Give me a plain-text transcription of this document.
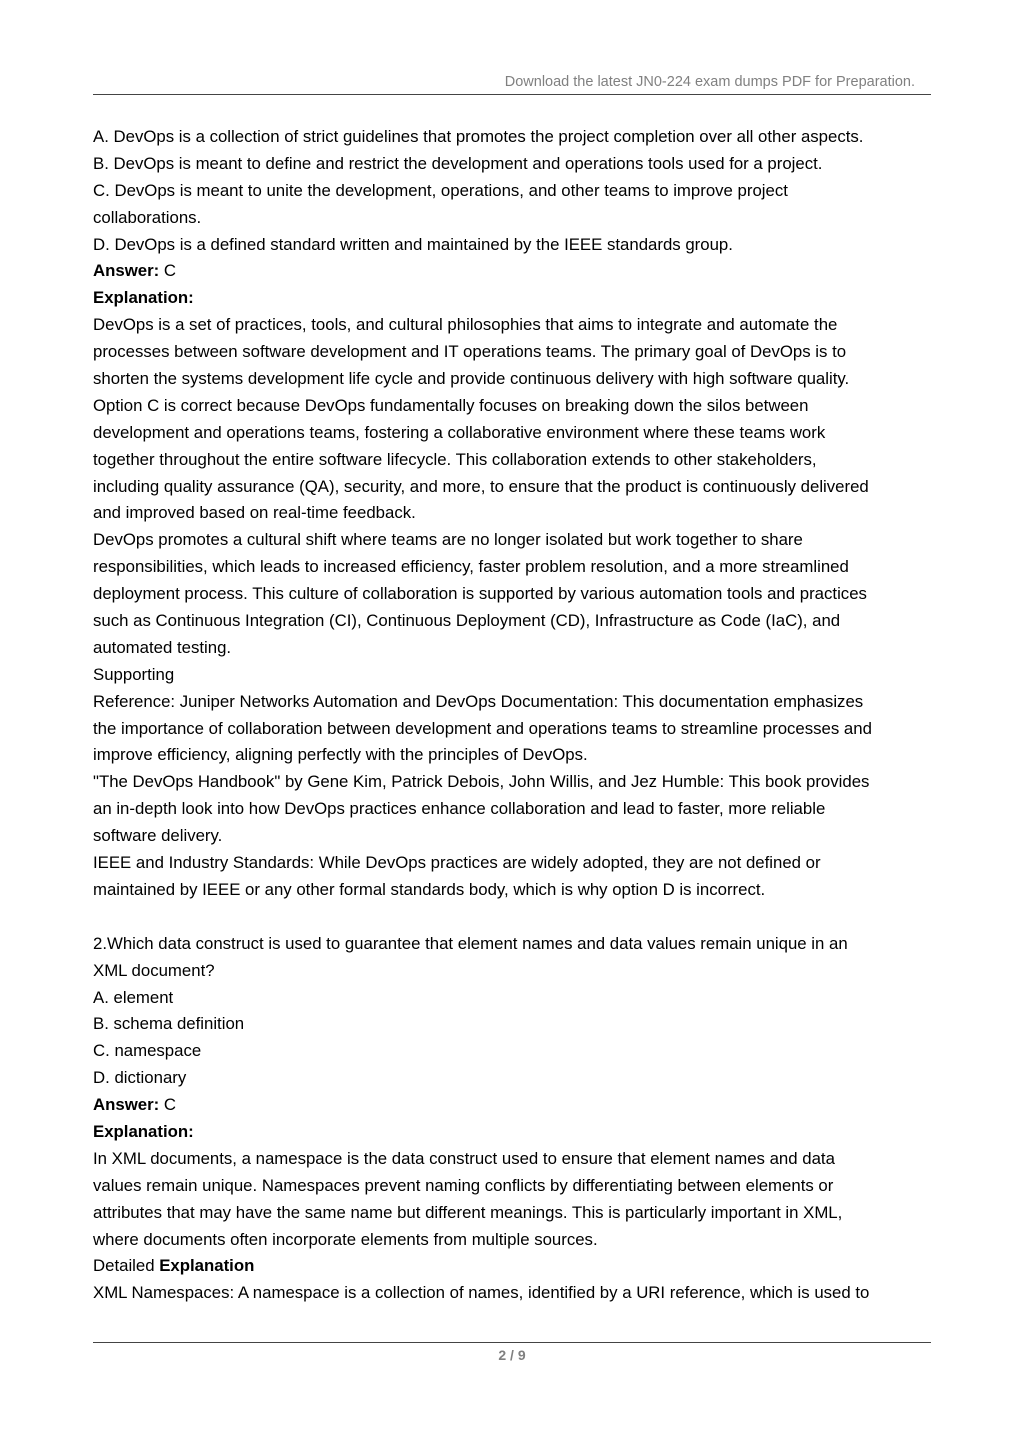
Download the latest JN0-224 exam dumps PDF for Preparation.
A. DevOps is a collection of strict guidelines that promotes the project completion over all other aspects.
B. DevOps is meant to define and restrict the development and operations tools used for a project.
C. DevOps is meant to unite the development, operations, and other teams to improve project
collaborations.
D. DevOps is a defined standard written and maintained by the IEEE standards group.
Answer: C
Explanation:
DevOps is a set of practices, tools, and cultural philosophies that aims to integrate and automate the
processes between software development and IT operations teams. The primary goal of DevOps is to
shorten the systems development life cycle and provide continuous delivery with high software quality.
Option C is correct because DevOps fundamentally focuses on breaking down the silos between
development and operations teams, fostering a collaborative environment where these teams work
together throughout the entire software lifecycle. This collaboration extends to other stakeholders,
including quality assurance (QA), security, and more, to ensure that the product is continuously delivered
and improved based on real-time feedback.
DevOps promotes a cultural shift where teams are no longer isolated but work together to share
responsibilities, which leads to increased efficiency, faster problem resolution, and a more streamlined
deployment process. This culture of collaboration is supported by various automation tools and practices
such as Continuous Integration (CI), Continuous Deployment (CD), Infrastructure as Code (IaC), and
automated testing.
Supporting
Reference: Juniper Networks Automation and DevOps Documentation: This documentation emphasizes
the importance of collaboration between development and operations teams to streamline processes and
improve efficiency, aligning perfectly with the principles of DevOps.
"The DevOps Handbook" by Gene Kim, Patrick Debois, John Willis, and Jez Humble: This book provides
an in-depth look into how DevOps practices enhance collaboration and lead to faster, more reliable
software delivery.
IEEE and Industry Standards: While DevOps practices are widely adopted, they are not defined or
maintained by IEEE or any other formal standards body, which is why option D is incorrect.
2.Which data construct is used to guarantee that element names and data values remain unique in an
XML document?
A. element
B. schema definition
C. namespace
D. dictionary
Answer: C
Explanation:
In XML documents, a namespace is the data construct used to ensure that element names and data
values remain unique. Namespaces prevent naming conflicts by differentiating between elements or
attributes that may have the same name but different meanings. This is particularly important in XML,
where documents often incorporate elements from multiple sources.
Detailed Explanation
XML Namespaces: A namespace is a collection of names, identified by a URI reference, which is used to
2 / 9
